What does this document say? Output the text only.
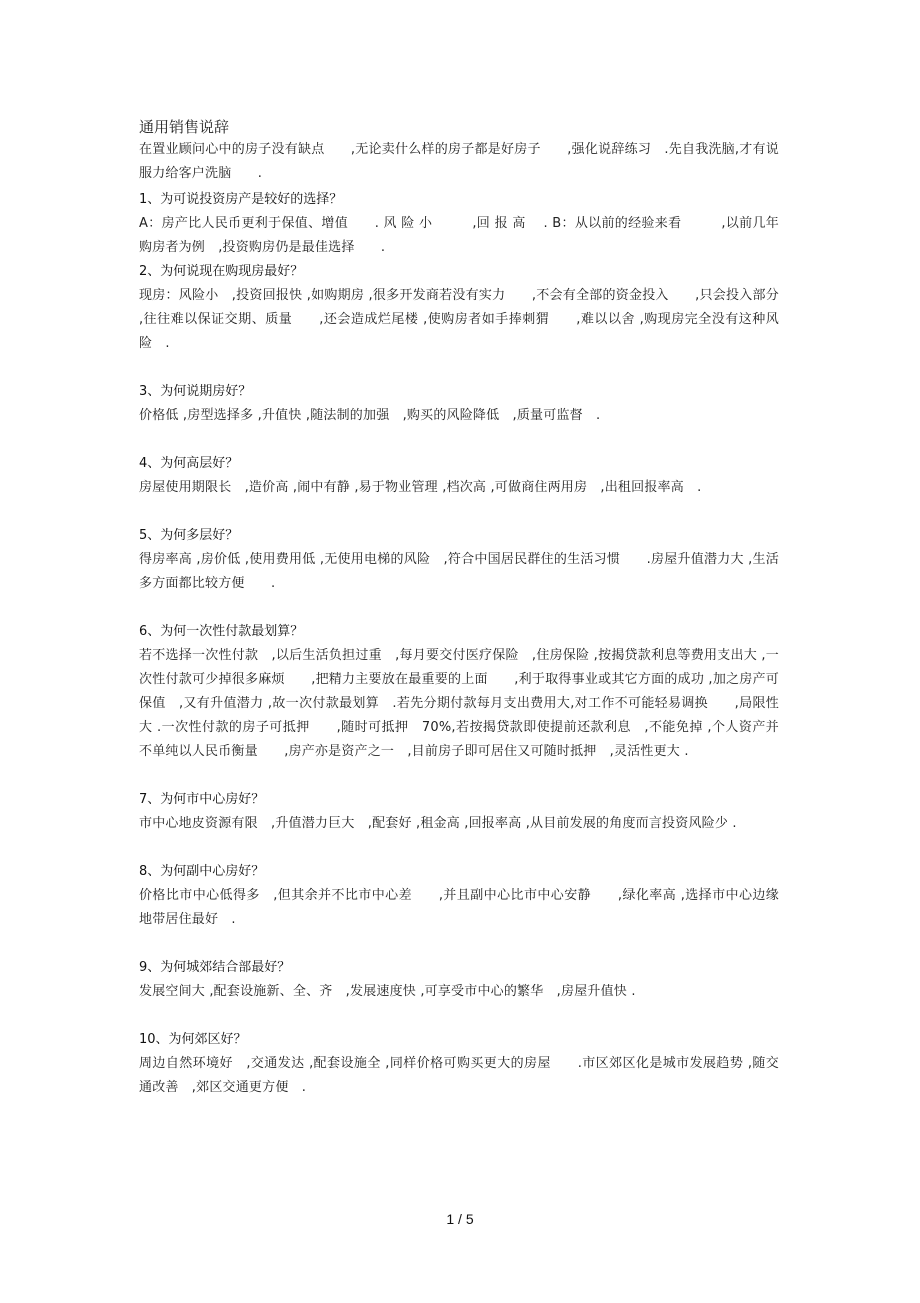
通用销售说辞

在置业顾问心中的房子没有缺点　　,无论卖什么样的房子都是好房子　　,强化说辞练习　.先自我洗脑,才有说服力给客户洗脑　　.

1、为可说投资房产是较好的选择？

A：房产比人民币更利于保值、增值　　. 风 险 小　　　,回 报 高　 . B：从以前的经验来看　　　,以前几年购房者为例　,投资购房仍是最佳选择　　.

2、为何说现在购现房最好？

现房：风险小　,投资回报快 ,如购期房 ,很多开发商若没有实力　　,不会有全部的资金投入　　,只会投入部分 ,往往难以保证交期、质量　　,还会造成烂尾楼 ,使购房者如手捧刺猬　　,难以以舍 ,购现房完全没有这种风险　.

3、为何说期房好？

价格低 ,房型选择多 ,升值快 ,随法制的加强　,购买的风险降低　,质量可监督　.

4、为何高层好？

房屋使用期限长　,造价高 ,闹中有静 ,易于物业管理 ,档次高 ,可做商住两用房　,出租回报率高　.

5、为何多层好？

得房率高 ,房价低 ,使用费用低 ,无使用电梯的风险　,符合中国居民群住的生活习惯　　.房屋升值潜力大 ,生活多方面都比较方便　　.

6、为何一次性付款最划算？

若不选择一次性付款　,以后生活负担过重　,每月要交付医疗保险　,住房保险 ,按揭贷款利息等费用支出大 ,一次性付款可少掉很多麻烦　　,把精力主要放在最重要的上面　　,利于取得事业或其它方面的成功 ,加之房产可保值　,又有升值潜力 ,故一次付款最划算　.若先分期付款每月支出费用大,对工作不可能轻易调换　　,局限性大 .一次性付款的房子可抵押　　,随时可抵押　70%,若按揭贷款即使提前还款利息　,不能免掉 ,个人资产并不单纯以人民币衡量　　,房产亦是资产之一　,目前房子即可居住又可随时抵押　,灵活性更大 .

7、为何市中心房好？

市中心地皮资源有限　,升值潜力巨大　,配套好 ,租金高 ,回报率高 ,从目前发展的角度而言投资风险少 .

8、为何副中心房好？

价格比市中心低得多　,但其余并不比市中心差　　,并且副中心比市中心安静　　,绿化率高 ,选择市中心边缘地带居住最好　.

9、为何城郊结合部最好？

发展空间大 ,配套设施新、全、齐　,发展速度快 ,可享受市中心的繁华　,房屋升值快 .

10、为何郊区好？

周边自然环境好　,交通发达 ,配套设施全 ,同样价格可购买更大的房屋　　.市区郊区化是城市发展趋势 ,随交通改善　,郊区交通更方便　.

1 / 5
